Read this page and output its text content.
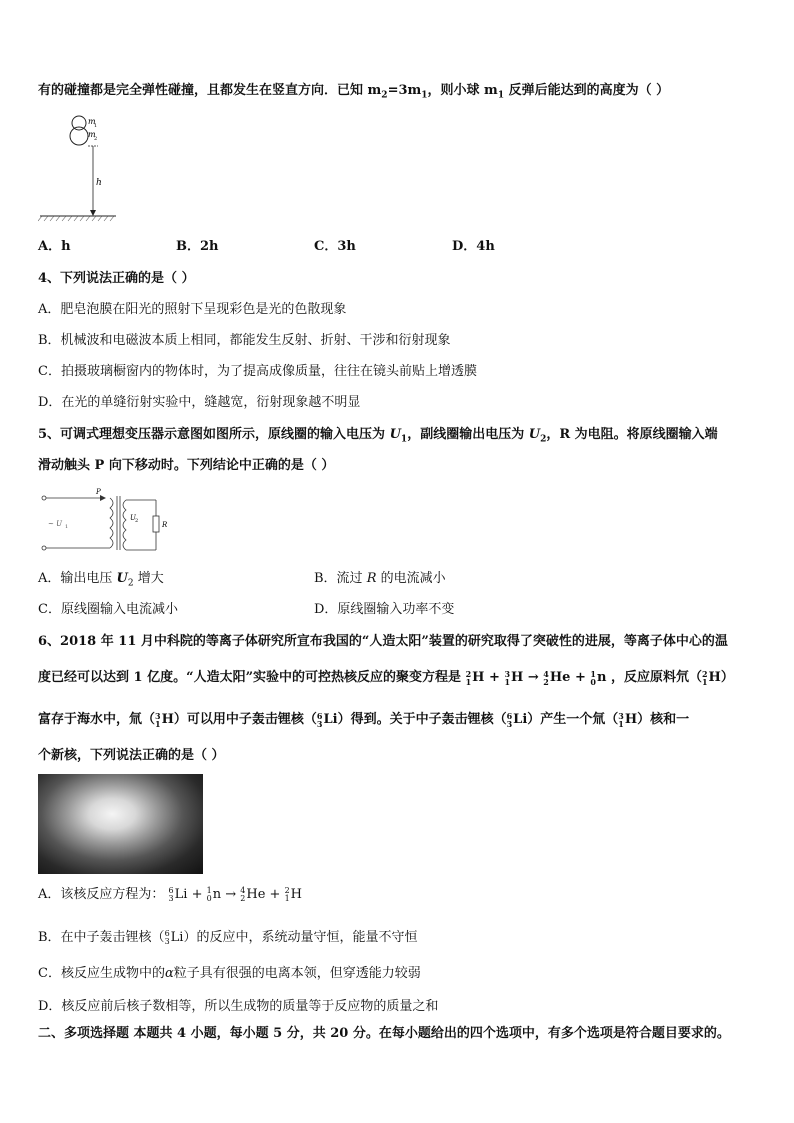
有的碰撞都是完全弹性碰撞，且都发生在竖直方向．已知 $m_2=3m_1$，则小球 $m_1$ 反弹后能达到的高度为（ ）
m
1
m
2
h
A．h	B．2h	C．3h	D．4h
4、下列说法正确的是（ ）
A．肥皂泡膜在阳光的照射下呈现彩色是光的色散现象
B．机械波和电磁波本质上相同，都能发生反射、折射、干涉和衍射现象
C．拍摄玻璃橱窗内的物体时，为了提高成像质量，往往在镜头前贴上增透膜
D．在光的单缝衍射实验中，缝越宽，衍射现象越不明显
5、可调式理想变压器示意图如图所示，原线圈的输入电压为 $U_1$，副线圈输出电压为 $U_2$，R 为电阻。将原线圈输入端
滑动触头 P 向下移动时。下列结论中正确的是（ ）
P
~ U 1
U 2	R
A．输出电压 $U_2$ 增大	B．流过 R 的电流减小
C．原线圈输入电流减小	D．原线圈输入功率不变
6、2018 年 11 月中科院的等离子体研究所宣布我国的“人造太阳”装置的研究取得了突破性的进展，等离子体中心的温
度已经可以达到 1 亿度。“人造太阳”实验中的可控热核反应的聚变方程是 2
1 H + 3
1 H → 4
2 He + 1
0 n ，反应原料氘（ 2
1 H）
富存于海水中，氚（ 3
1 H）可以用中子轰击锂核（ 6
3 Li）得到。关于中子轰击锂核（ 6
3 Li）产生一个氚（ 3
1 H）核和一
个新核，下列说法正确的是（ ）
A．该核反应方程为： 6
3 Li + 1
0 n → 4
2 He + 2
1 H
B．在中子轰击锂核（ 6
3 Li）的反应中，系统动量守恒，能量不守恒
C．核反应生成物中的α粒子具有很强的电离本领，但穿透能力较弱
D．核反应前后核子数相等，所以生成物的质量等于反应物的质量之和
二、多项选择题 本题共 4 小题，每小题 5 分，共 20 分。在每小题给出的四个选项中，有多个选项是符合题目要求的。
